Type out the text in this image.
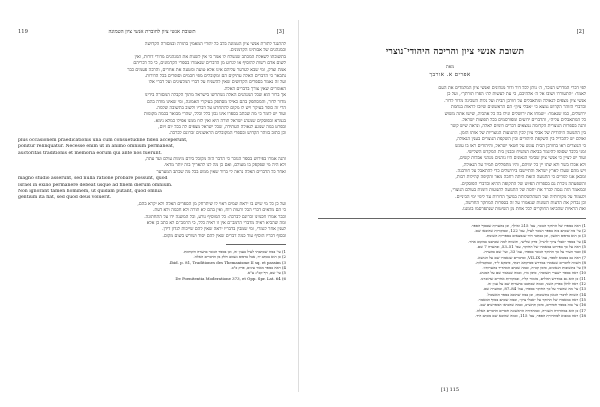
119	תשובת אנשי ציון לחוברת אנשי ציון הטמונה	[3]
להתנגד לתורת אנשי ציון הטמונה בלב כל יהודי המאמין בתורה ובמסורה הקדושה
ובמנהגים של אבותינו הקדמונים.
בתשובתו לשאלת המכתב שנשלח לו אמר כי אין לשנות את המנהגים מדורי דורות, ואין
לשום אדם רשות להוסיף או לגרוע מן הדברים שנאמרו בספרי הקדמונים, כי כל דבריהם
אמת וצדק, ומי שבא לערער עליהם אינו אלא טועה ומטעה את אחרים, והרבה פעמים כבר
נתבאר כי הדברים האלה עתיקים הם ומקובלים מפי חכמים וסופרים בכל הדורות.
ועל זה נאמר בספרים הקדושים שאין להשגיח על דברי המלעיגים ועל דברי אלו
האומרים שאין צורך בדברים האלה.
אך ברור הוא שכל המנהגים האלה נשתרשו בישראל מתוך הקבלה המסורה בידינו
מדור לדור, והמסתפק בהם כאילו מסתפק בעיקרי האמונה, ומי שאינו מודה בהם
הרי זה כופר בעיקר ויש לו מקום להתחרט על דבריו ולשוב בתשובה שלמה.
ועוד יש לומר כי מה שכתב בספרו אינו נכון כלל וכלל, שהרי מבואר בכמה מקומות
בגמרא ובפוסקים שמנהג ישראל תורה היא ואין לזוז ממנו אפילו כמלא נימא.
ובפרט במה שנוגע לגאולה העתידה, שכל ישראל מצפים לה בכל יום ויום,
וכן כתוב בזוהר הקדוש ובספרי המקובלים הראשונים זכרונם לברכה.
plus occasionem praedicationis una cum consuetudine fideli acceperunt,
ponitur relinquatur. Necesse enim ut in animo omnium permaneat,
auctoritas traditionis et memoria eorum qui ante nos fuerunt.
והנה אמרו בפירוש בספר הנזכר כי הדבר הזה מקובל בידם מימות עולם ועד עתה,
ולא היה מי שפקפק בו מעולם, ואם כן מה לנו להאריך בזה יותר מדאי.
ואחר כל הדברים האלה נראה לי ברור שאין ממש בכל מה שכתב המערער
magno studio asserunt, sed nulla ratione probare possunt, quod
Israel in exilio permanere debeat usque ad finem dierum omnium.
Non ignorant tamen hominem, ut quidam putant, quod omnia
gentium ita fiat, sed quod deus voluerit.
ועל כן כל מי שיש בו יראת שמים ראוי לו שיתרחק מן הספרים האלה ולא יקרא בהם,
כי הם מלאים דברי הבל ורעות רוח, ואין בהם לא תורה ולא חכמה ולא דעת.
וכבר אמרו חכמינו זכרונם לברכה: כל המוסיף גורע, וכל המשנה ידו על התחתונה.
ומה שהביא ראיה מדברי הרמב"ם אין זו ראיה כלל, כי הרמב"ם לא כתב כן אלא
לענין אחר לגמרי, ומי שמבין בדבריו יראה שאין להם שייכות לנדון דידן.
ובסוף דבריו הוסיף עוד כמה דברים שאין להם יסוד ושורש בשום מקום.
1) עי' במה שכתבתי לעיל בענין זה, וכן בספר הנזכר בהערה הקודמת.
2) כן הוא בכתב יד, אבל בדפוס נשמט חלק מן הדברים האלה.
3) Ibid. p. 81, Traditiones des Themanisme II sq. et passim.
4) ראה בספר מאור עינים, פרק כ"ב.
5) עי' שם, דף קכ"ג ע"א.
6) De Poenitentia Moderatione 373, et Opp. Spr. Lat. 64
[2]
תשובת אנשי ציון והריכה היהודי־נוצרי
מאת
אפרים א. אורבך
לפי דברי המדרש הנזכר, ה׳ נותן לכל דור ודור מנהיגים ואנשי ציון המלמדים את העם
לאמר: ״התעוררו ושובו אל ה׳ אלהיכם, כי עת לעשות לה׳ הפרו תורתך״, ועל כן
אנשי ציון מצפים לגאולה ומתאבלים על חורבן הבית ועל גלות השכינה מדור לדור.
ובדברי הזוהר הקדוש נמצא כי ״אבלי ציון״ הם הראשונים שיזכו לראות בנחמת
ירושלים, כמו שנאמר: ״שמחו את ירושלים וגילו בה כל אהביה, שישו אתה משוש
כל המתאבלים עליה״, והדברים ידועים ומפורסמים בכל תפוצות ישראל.
והנה בספרות הנוצרית הקדומה נמצאים דברים דומים לאלה, ונראה שיש קשר
בין התנועה היהודית של אבלי ציון לבין התנועות הנוצריות של אותו הזמן.
ואולם יש להבדיל בין השקפת היהודים ובין השקפת הנוצרים בענין הגאולה,
כי הנוצרים ראו בחורבן הבית עונש על חטאי ישראל, והיהודים ראו בו עונש
זמני בלבד שסופו להיגמר בביאת המשיח ובבנין בית המקדש השלישי.
ועוד יש לציין כי אנשי ציון שבימי הגאונים היו נוהגים מנהגי אבלות קשים,
ולא אכלו בשר ולא שתו יין כל ימיהם, והיו מתפללים תמיד על הגאולה,
ויש מהם שעלו לארץ ישראל והתיישבו בירושלים כדי להתאבל על חורבנה.
ומכאן אנו למדים כי התנועה הזאת היתה רחבה מאד והקיפה קהילות רבות,
והשפעתה ניכרת גם בספרות הפיוט של התקופה ההיא ובדברי הפוסקים.
ובמאמר הזה ננסה לברר את יחסה של התנועה לתנועות דומות בעולם הנוצרי,
ולעמוד על מקורותיה ועל השתלשלותה במשך הדורות עד לימי ימי הביניים.
וכן נבדוק את הדעות השונות שנאמרו על זה בספרות המחקר החדשה,
ואת הראיות שהביאו החוקרים לכל אחת מן השיטות שנתפרסמו בזמננו.
1) ראה בספרו של החוקר הנזכר, עמ' 215 ואילך, וכן בהערות שבסוף הספר.
2) עי' מה שכתב בזה בספר הנזכר לעיל, עמ' 122, ובמקורות שהובאו שם.
3) כן הוא בדפוס ראשון, וכן בכתבי היד שנמצאים בספריות השונות.
4) עי' בספר ״אבלי ציון״ להנ״ל, פרק שלישי, והשווה למה שכתבנו במקום אחר.
5) ראה על כך בפירוט במאמרו של החוקר, עמ' 51–53, ובהערה 7 שם.
6) וכבר העיר על כך החוקר הנזכר בספרו, עמ' 33, ועי' שם בהערה.
7) ראה גם במבוא לספר, עמ' VII–IX, ובדברים שנאמרו שם על הנושא.
8) השווה לדברים שנאמרו במדרש פסיקתא רבתי, פיסקא ל״ד, ובמקבילות.
9) עי' בתשובות הגאונים, סימן קכ״ה, ובמה שכתב המהדיר בהערותיו.
10) ראה בספר ״שערי תשובה״, סימן מ״ו, ובמה שנאמר שם על המנהג.
11) כן הוא גם במדרש תהלים, מזמור קל״ז, ובמקורות אחרים שהזכרנו.
12) ראה להלן בפרק השני, ובמה שכתבנו בהערות שם על ענין זה.
13) עי' מה שהעיר על כך החוקר בספרו, עמ' 84–87, ובהערה שם.
14) השווה לדברי הגאון בתשובתו, וכן במה שהובא בספר האשכול.
15) ראה במאמרו של החוקר על ״אבלי ציון״, ובמה שכתב בסוף המאמר.
16) עי' בזה בספר חסידים, סימן תתש״ב, ובמה שהביאו המפרשים שם.
17) כן הוא במהדורה השנייה, ובמהדורה הראשונה חסרים הדברים האלה.
18) ראה במבוא למהדורת הספר, עמ' 115, ובמה שהובא שם מכתב היד.
[1] 115
